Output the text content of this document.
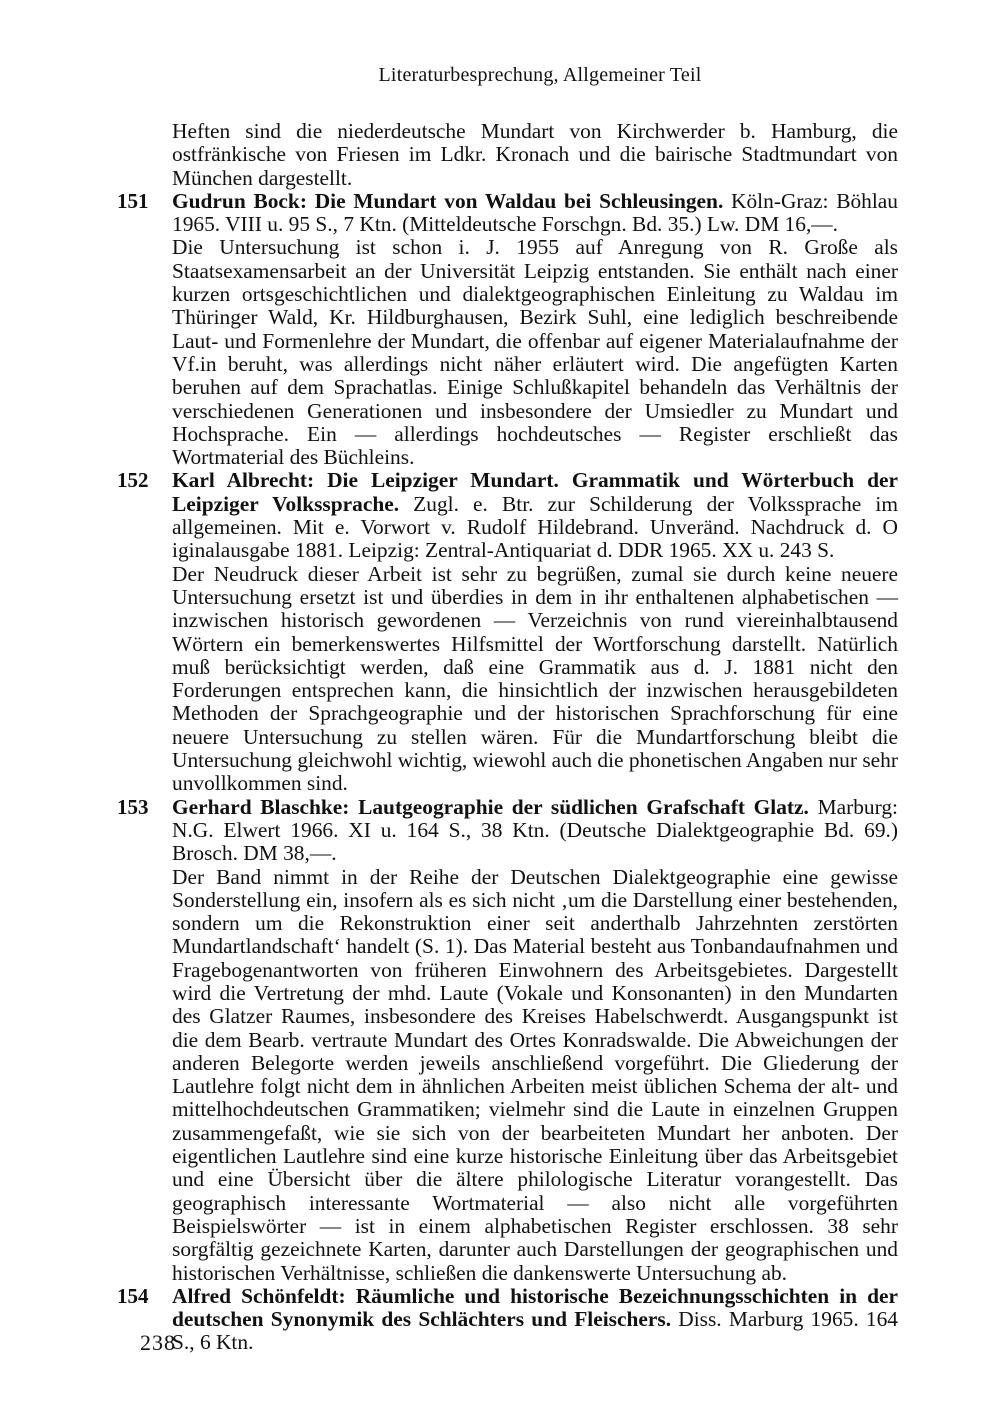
Literaturbesprechung, Allgemeiner Teil

Heften sind die niederdeutsche Mundart von Kirchwerder b. Hamburg, die ostfränkische von Friesen im Ldkr. Kronach und die bairische Stadtmundart von München dargestellt.

151 Gudrun Bock: Die Mundart von Waldau bei Schleusingen. Köln-Graz: Böhlau 1965. VIII u. 95 S., 7 Ktn. (Mitteldeutsche Forschgn. Bd. 35.) Lw. DM 16,—.

Die Untersuchung ist schon i. J. 1955 auf Anregung von R. Große als Staatsexamensarbeit an der Universität Leipzig entstanden. Sie enthält nach einer kurzen ortsgeschichtlichen und dialektgeographischen Einleitung zu Waldau im Thüringer Wald, Kr. Hildburghausen, Bezirk Suhl, eine lediglich beschreibende Laut- und Formenlehre der Mundart, die offenbar auf eigener Materialaufnahme der Vf.in beruht, was allerdings nicht näher erläutert wird. Die angefügten Karten beruhen auf dem Sprachatlas. Einige Schlußkapitel behandeln das Verhältnis der verschiedenen Generationen und insbesondere der Umsiedler zu Mundart und Hochsprache. Ein — allerdings hochdeutsches — Register erschließt das Wortmaterial des Büchleins.

152 Karl Albrecht: Die Leipziger Mundart. Grammatik und Wörterbuch der Leipziger Volkssprache. Zugl. e. Btr. zur Schilderung der Volkssprache im allgemeinen. Mit e. Vorwort v. Rudolf Hildebrand. Unveränd. Nachdruck d. O iginalausgabe 1881. Leipzig: Zentral-Antiquariat d. DDR 1965. XX u. 243 S.

Der Neudruck dieser Arbeit ist sehr zu begrüßen, zumal sie durch keine neuere Untersuchung ersetzt ist und überdies in dem in ihr enthaltenen alphabetischen — inzwischen historisch gewordenen — Verzeichnis von rund viereinhalbtausend Wörtern ein bemerkenswertes Hilfsmittel der Wortforschung darstellt. Natürlich muß berücksichtigt werden, daß eine Grammatik aus d. J. 1881 nicht den Forderungen entsprechen kann, die hinsichtlich der inzwischen herausgebildeten Methoden der Sprachgeographie und der historischen Sprachforschung für eine neuere Untersuchung zu stellen wären. Für die Mundartforschung bleibt die Untersuchung gleichwohl wichtig, wiewohl auch die phonetischen Angaben nur sehr unvollkommen sind.

153 Gerhard Blaschke: Lautgeographie der südlichen Grafschaft Glatz. Marburg: N.G. Elwert 1966. XI u. 164 S., 38 Ktn. (Deutsche Dialektgeographie Bd. 69.) Brosch. DM 38,—.

Der Band nimmt in der Reihe der Deutschen Dialektgeographie eine gewisse Sonderstellung ein, insofern als es sich nicht ‚um die Darstellung einer bestehenden, sondern um die Rekonstruktion einer seit anderthalb Jahrzehnten zerstörten Mundartlandschaft‘ handelt (S. 1). Das Material besteht aus Tonbandaufnahmen und Fragebogenantworten von früheren Einwohnern des Arbeitsgebietes. Dargestellt wird die Vertretung der mhd. Laute (Vokale und Konsonanten) in den Mundarten des Glatzer Raumes, insbesondere des Kreises Habelschwerdt. Ausgangspunkt ist die dem Bearb. vertraute Mundart des Ortes Konradswalde. Die Abweichungen der anderen Belegorte werden jeweils anschließend vorgeführt. Die Gliederung der Lautlehre folgt nicht dem in ähnlichen Arbeiten meist üblichen Schema der alt- und mittelhochdeutschen Grammatiken; vielmehr sind die Laute in einzelnen Gruppen zusammengefaßt, wie sie sich von der bearbeiteten Mundart her anboten. Der eigentlichen Lautlehre sind eine kurze historische Einleitung über das Arbeitsgebiet und eine Übersicht über die ältere philologische Literatur vorangestellt. Das geographisch interessante Wortmaterial — also nicht alle vorgeführten Beispielswörter — ist in einem alphabetischen Register erschlossen. 38 sehr sorgfältig gezeichnete Karten, darunter auch Darstellungen der geographischen und historischen Verhältnisse, schließen die dankenswerte Untersuchung ab.

154 Alfred Schönfeldt: Räumliche und historische Bezeichnungsschichten in der deutschen Synonymik des Schlächters und Fleischers. Diss. Marburg 1965. 164 S., 6 Ktn.

238
